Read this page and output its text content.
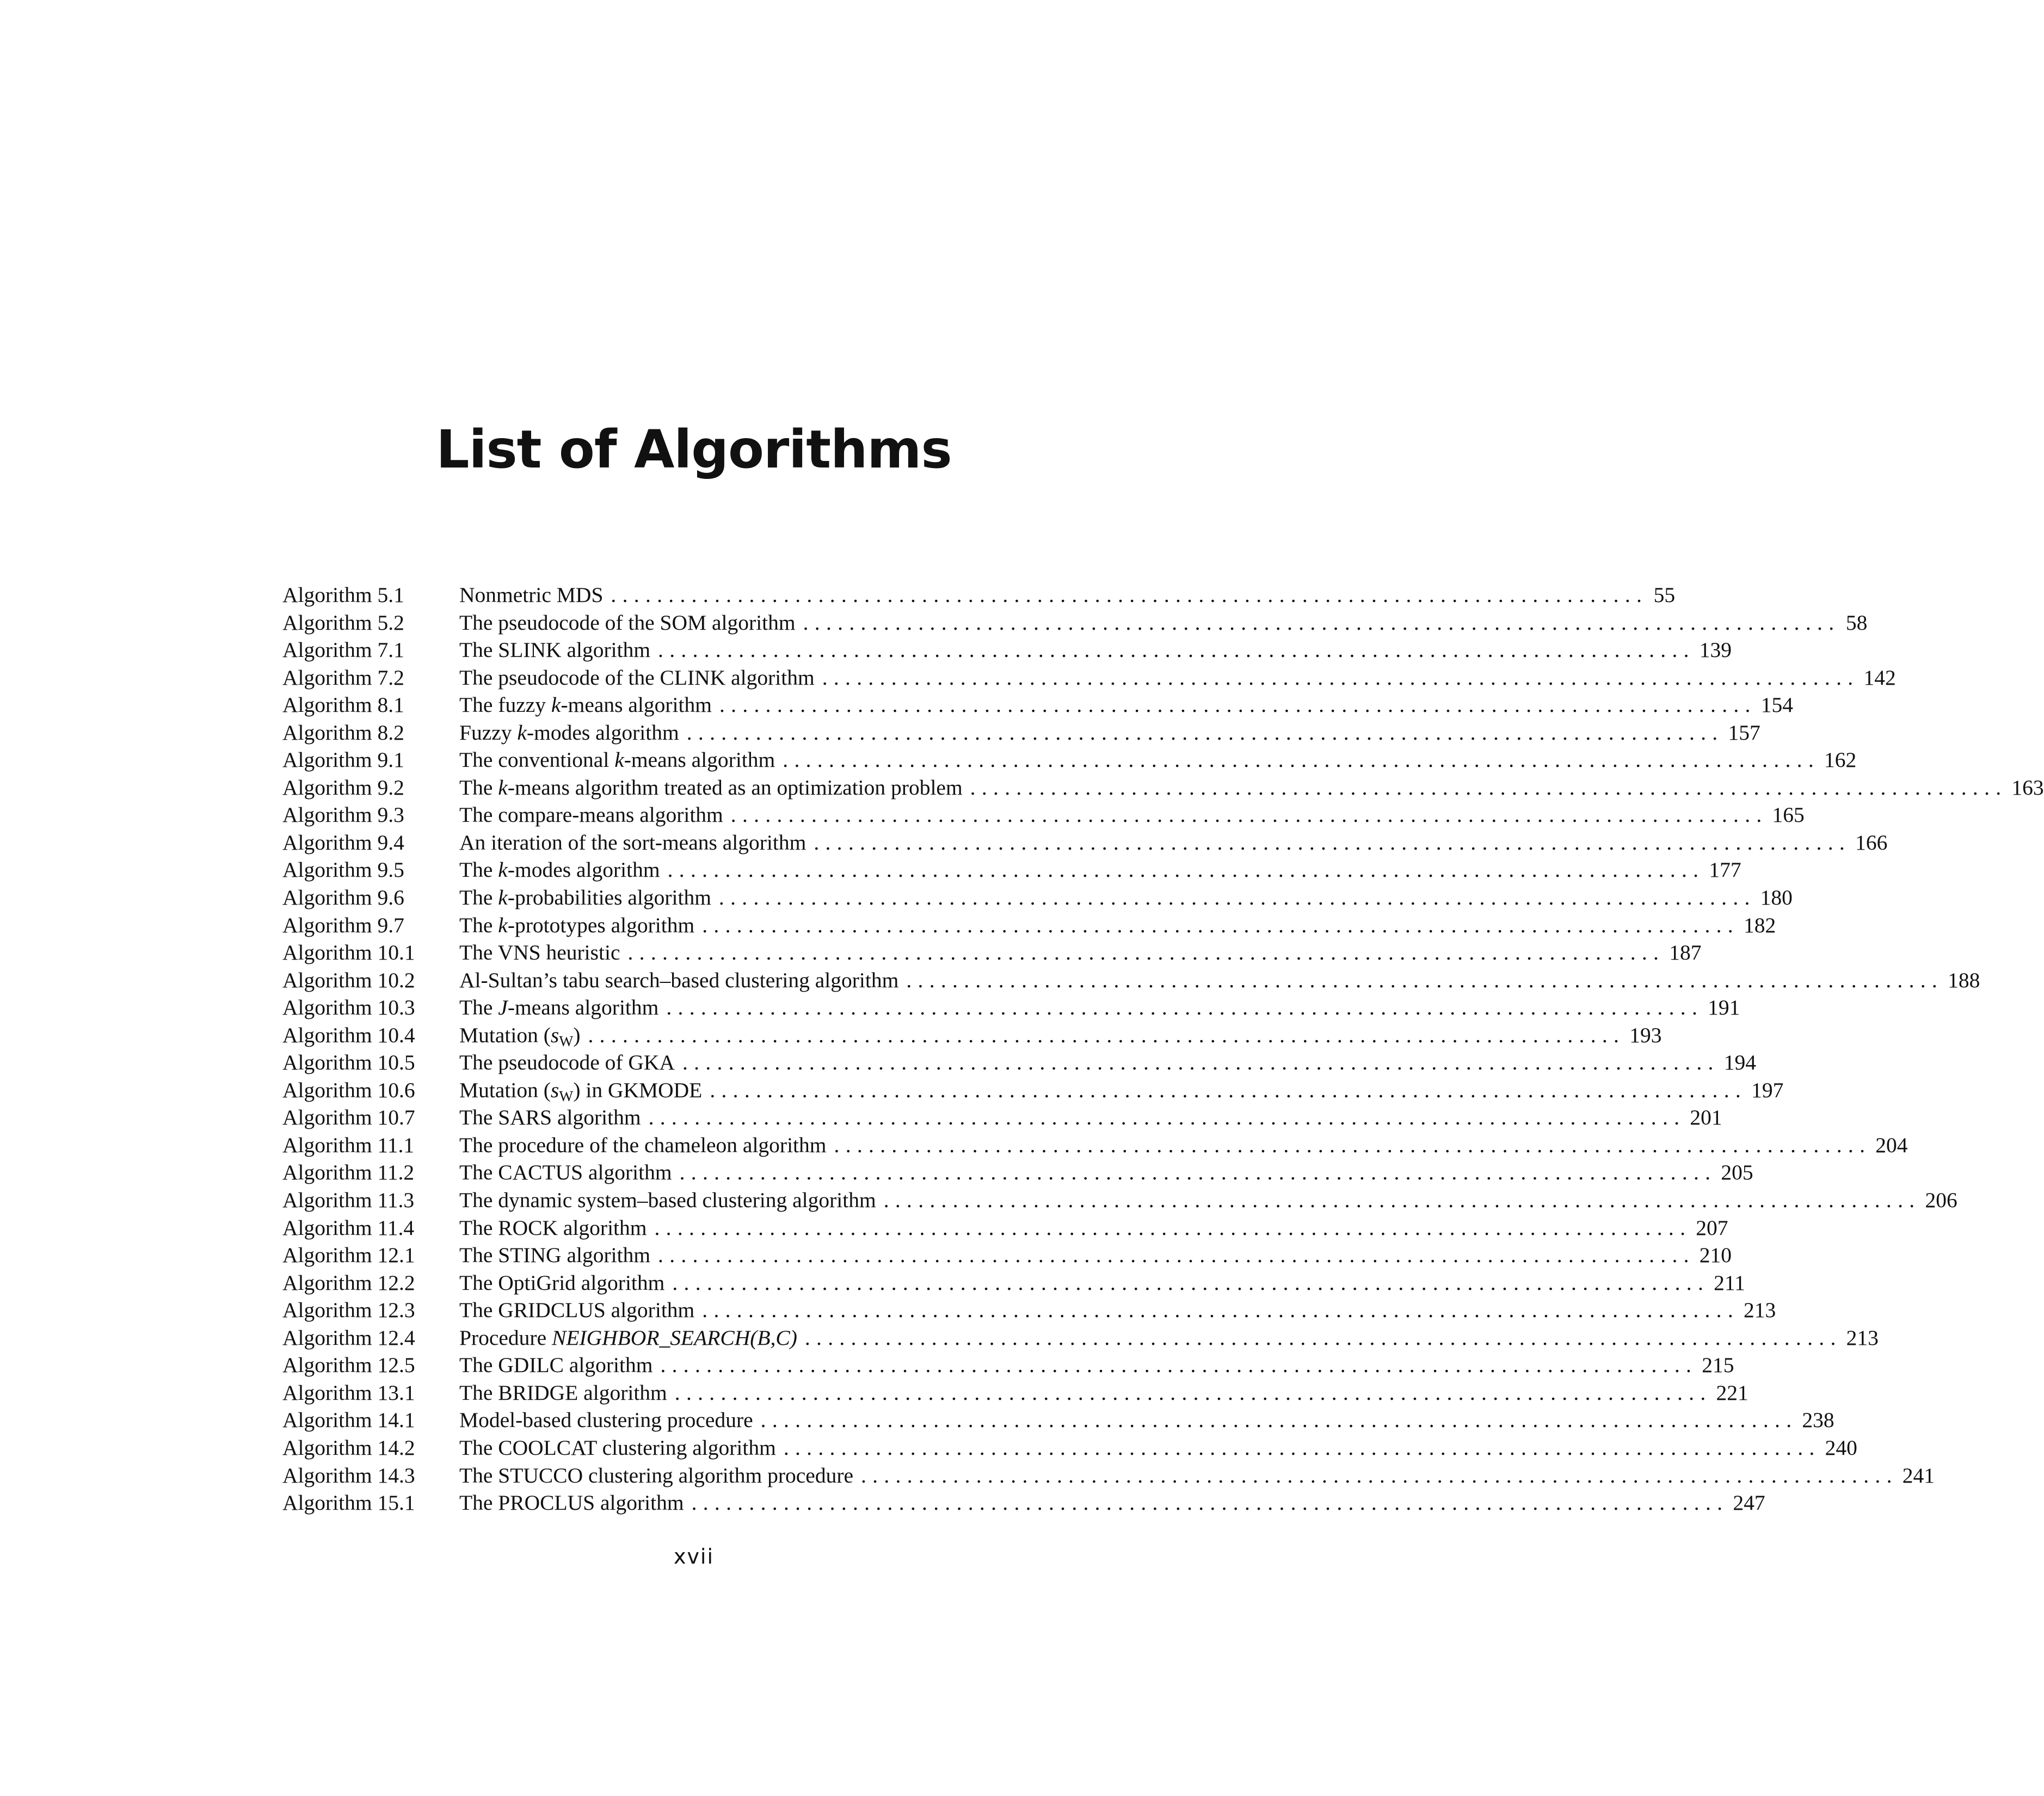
List of Algorithms
Algorithm 5.1	Nonmetric MDS .......................................................................................... 55
Algorithm 5.2	The pseudocode of the SOM algorithm .......................................................................................... 58
Algorithm 7.1	The SLINK algorithm .......................................................................................... 139
Algorithm 7.2	The pseudocode of the CLINK algorithm .......................................................................................... 142
Algorithm 8.1	The fuzzy k-means algorithm .......................................................................................... 154
Algorithm 8.2	Fuzzy k-modes algorithm .......................................................................................... 157
Algorithm 9.1	The conventional k-means algorithm .......................................................................................... 162
Algorithm 9.2	The k-means algorithm treated as an optimization problem .......................................................................................... 163
Algorithm 9.3	The compare-means algorithm .......................................................................................... 165
Algorithm 9.4	An iteration of the sort-means algorithm .......................................................................................... 166
Algorithm 9.5	The k-modes algorithm .......................................................................................... 177
Algorithm 9.6	The k-probabilities algorithm .......................................................................................... 180
Algorithm 9.7	The k-prototypes algorithm .......................................................................................... 182
Algorithm 10.1	The VNS heuristic .......................................................................................... 187
Algorithm 10.2	Al-Sultan’s tabu search–based clustering algorithm .......................................................................................... 188
Algorithm 10.3	The J-means algorithm .......................................................................................... 191
Algorithm 10.4	Mutation $(s_W)$ .......................................................................................... 193
Algorithm 10.5	The pseudocode of GKA .......................................................................................... 194
Algorithm 10.6	Mutation $(s_W)$ in GKMODE .......................................................................................... 197
Algorithm 10.7	The SARS algorithm .......................................................................................... 201
Algorithm 11.1	The procedure of the chameleon algorithm .......................................................................................... 204
Algorithm 11.2	The CACTUS algorithm .......................................................................................... 205
Algorithm 11.3	The dynamic system–based clustering algorithm .......................................................................................... 206
Algorithm 11.4	The ROCK algorithm .......................................................................................... 207
Algorithm 12.1	The STING algorithm .......................................................................................... 210
Algorithm 12.2	The OptiGrid algorithm .......................................................................................... 211
Algorithm 12.3	The GRIDCLUS algorithm .......................................................................................... 213
Algorithm 12.4	Procedure NEIGHBOR_SEARCH(B,C) .......................................................................................... 213
Algorithm 12.5	The GDILC algorithm .......................................................................................... 215
Algorithm 13.1	The BRIDGE algorithm .......................................................................................... 221
Algorithm 14.1	Model-based clustering procedure .......................................................................................... 238
Algorithm 14.2	The COOLCAT clustering algorithm .......................................................................................... 240
Algorithm 14.3	The STUCCO clustering algorithm procedure .......................................................................................... 241
Algorithm 15.1	The PROCLUS algorithm .......................................................................................... 247
xvii
